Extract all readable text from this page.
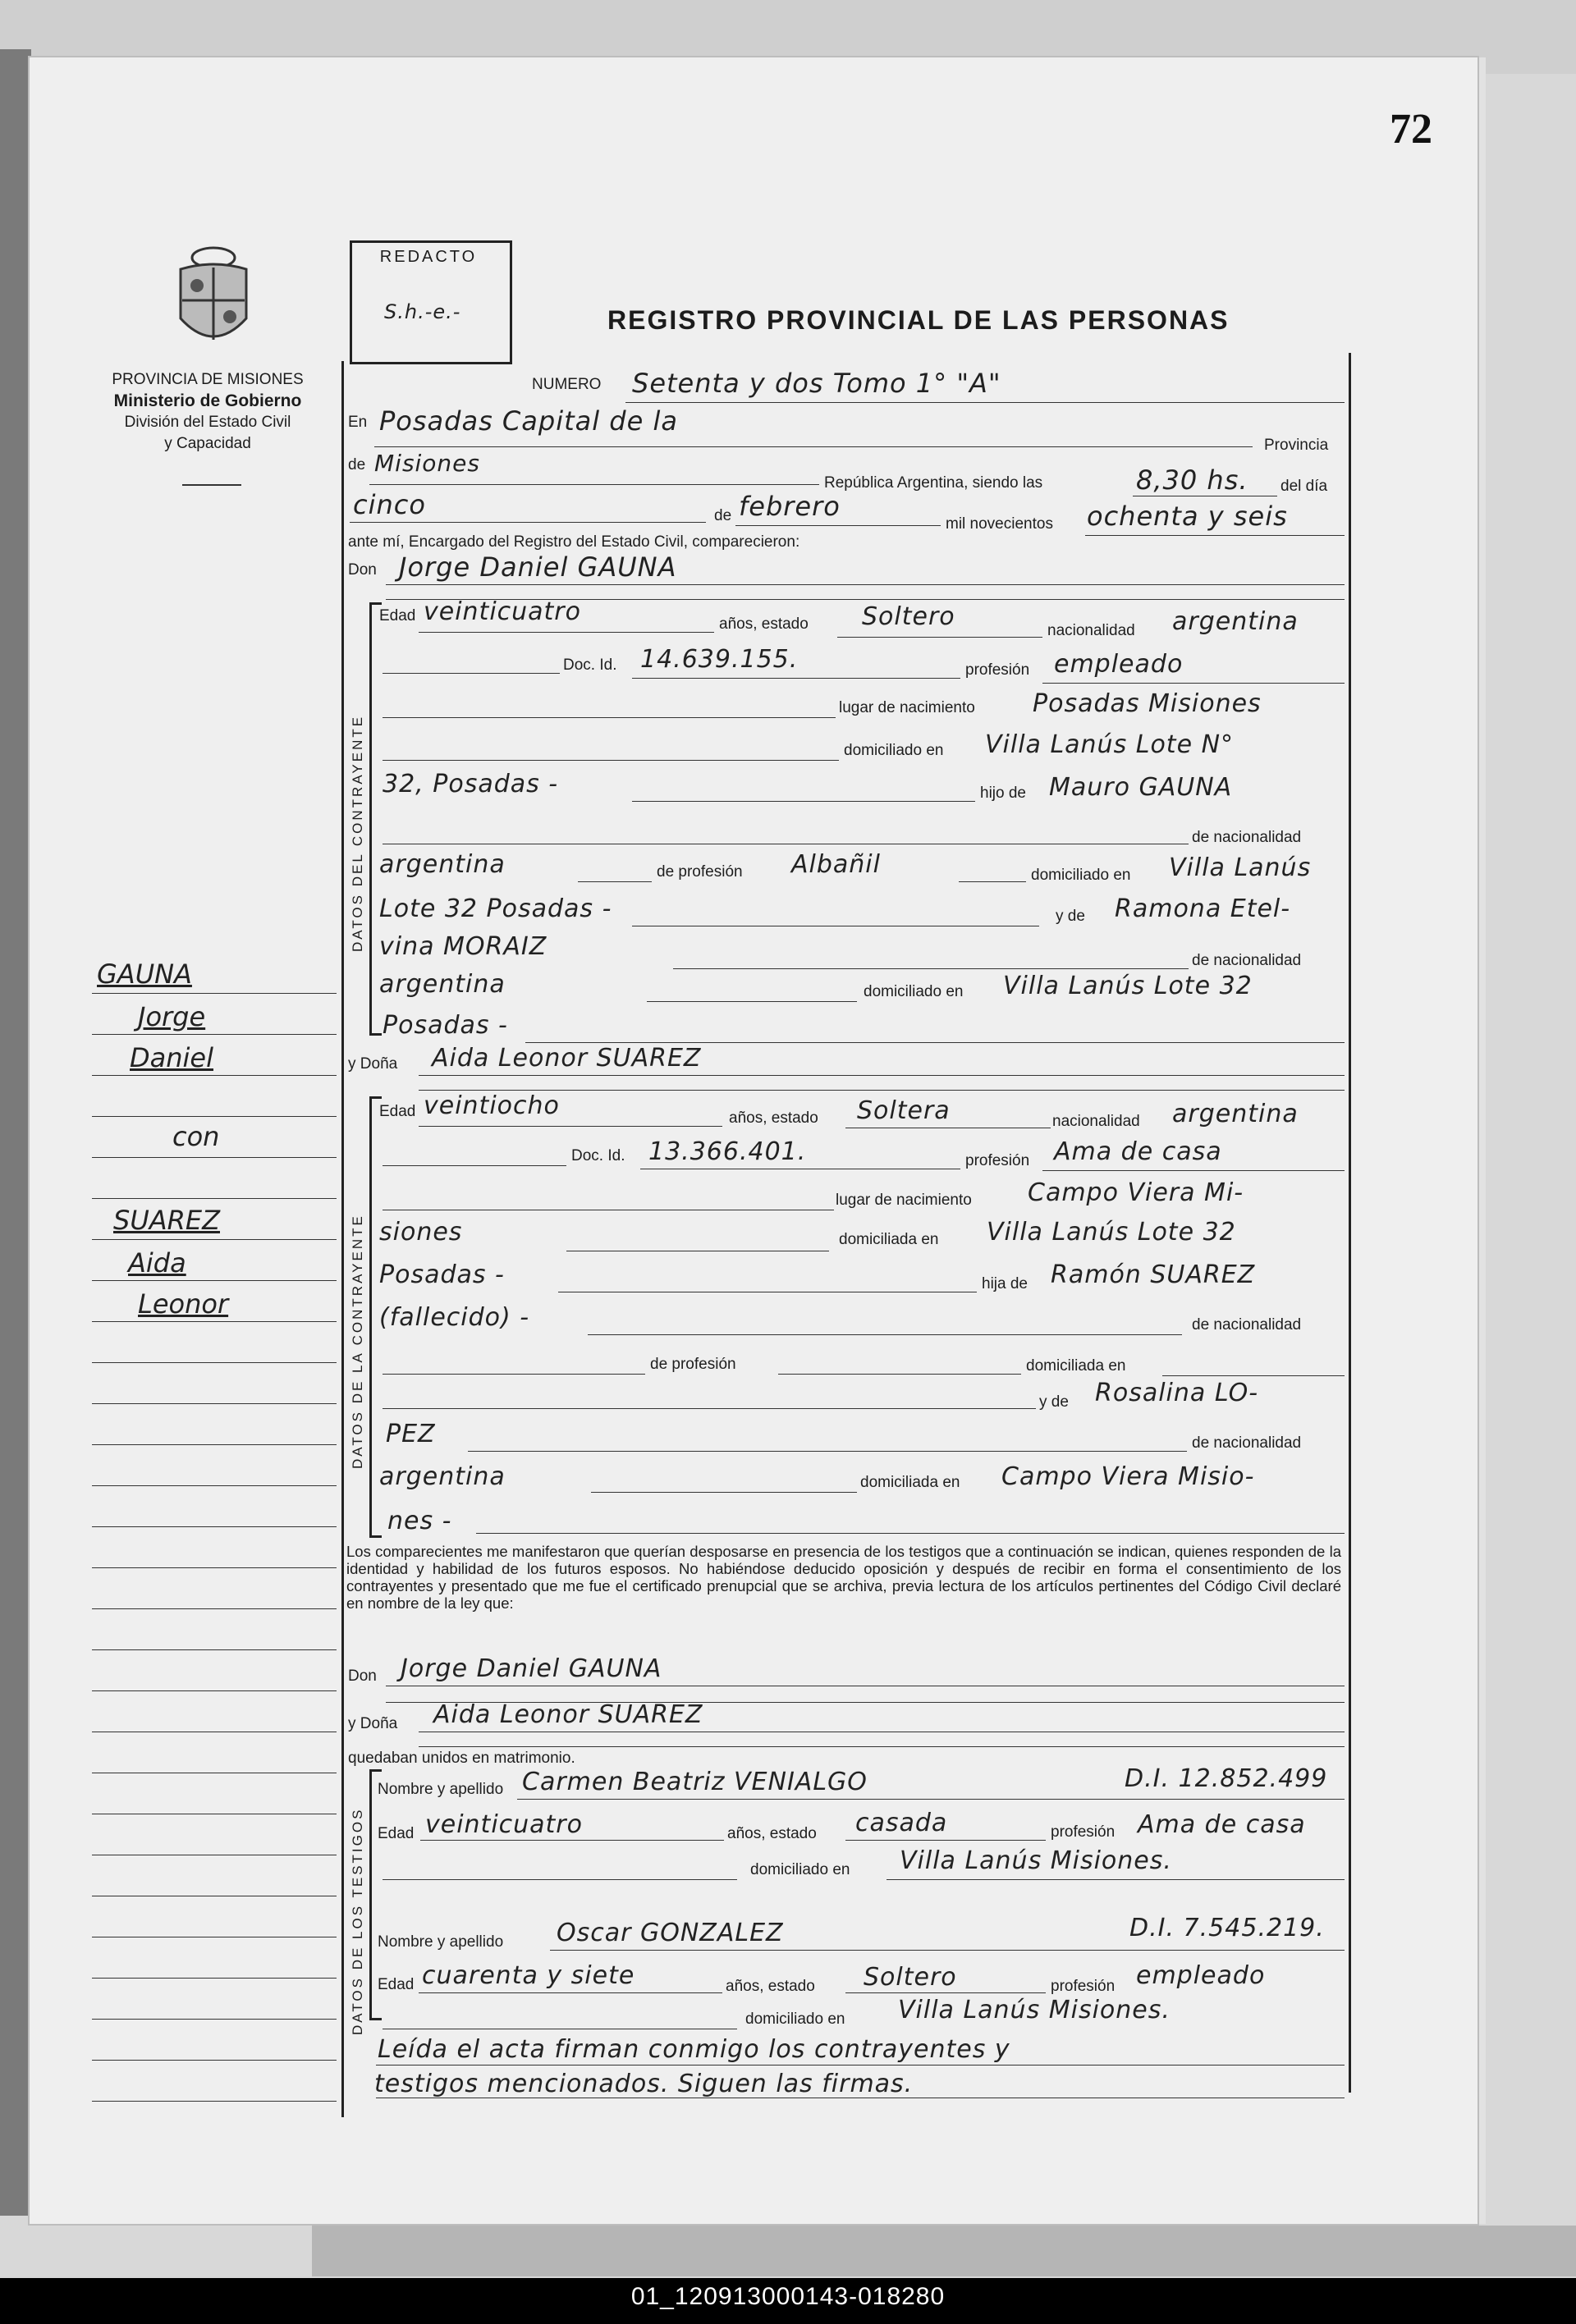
01_120913000143-018280
72
PROVINCIA DE MISIONES
Ministerio de Gobierno
División del Estado Civil
y Capacidad
REDACTO
S.h.-e.-	REGISTRO PROVINCIAL DE LAS PERSONAS
GAUNA
Jorge
Daniel
con
SUAREZ
Aida
Leonor
NUMERO Setenta y dos Tomo 1° "A"
En Posadas Capital de la
Provincia
de Misiones
República Argentina, siendo las	8,30 hs. del día
cinco	de febrero
mil novecientos ochenta y seis
ante mí, Encargado del Registro del Estado Civil, comparecieron:
Don Jorge Daniel GAUNA
DATOS DEL CONTRAYENTE
Edad veinticuatro	años, estado Soltero	nacionalidad argentina
Doc. Id. 14.639.155.	profesión empleado
lugar de nacimiento Posadas Misiones
domiciliado en Villa Lanús Lote N°
32, Posadas -	hijo de Mauro GAUNA
de nacionalidad
argentina	de profesión Albañil	domiciliado en Villa Lanús
Lote 32 Posadas -	y de Ramona Etel-
vina MORAIZ	de nacionalidad
argentina	domiciliado en Villa Lanús Lote 32
Posadas -
y Doña Aida Leonor SUAREZ
DATOS DE LA CONTRAYENTE
Edad veintiocho	años, estado Soltera	nacionalidad argentina
Doc. Id. 13.366.401.	profesión Ama de casa
lugar de nacimiento Campo Viera Mi-
siones	domiciliada en Villa Lanús Lote 32
Posadas -	hija de Ramón SUAREZ
(fallecido) -	de nacionalidad
de profesión	domiciliada en
y de Rosalina LO-
PEZ	de nacionalidad
argentina	domiciliada en Campo Viera Misio-
nes -
Los comparecientes me manifestaron que querían desposarse en presencia de los testigos que a continuación se indican, quienes responden de la identidad y habilidad de los futuros esposos. No habiéndose deducido oposición y después de recibir en forma el consentimiento de los contrayentes y presentado que me fue el certificado prenupcial que se archiva, previa lectura de los artículos pertinentes del Código Civil declaré en nombre de la ley que:
Don Jorge Daniel GAUNA
y Doña Aida Leonor SUAREZ
quedaban unidos en matrimonio.
DATOS DE LOS TESTIGOS
Nombre y apellido Carmen Beatriz VENIALGO	D.I. 12.852.499
Edad veinticuatro	años, estado casada	profesión Ama de casa
domiciliado en Villa Lanús Misiones.
Nombre y apellido Oscar GONZALEZ	D.I. 7.545.219.
Edad cuarenta y siete	años, estado Soltero	profesión empleado
domiciliado en Villa Lanús Misiones.
Leída el acta firman conmigo los contrayentes y
testigos mencionados. Siguen las firmas.
